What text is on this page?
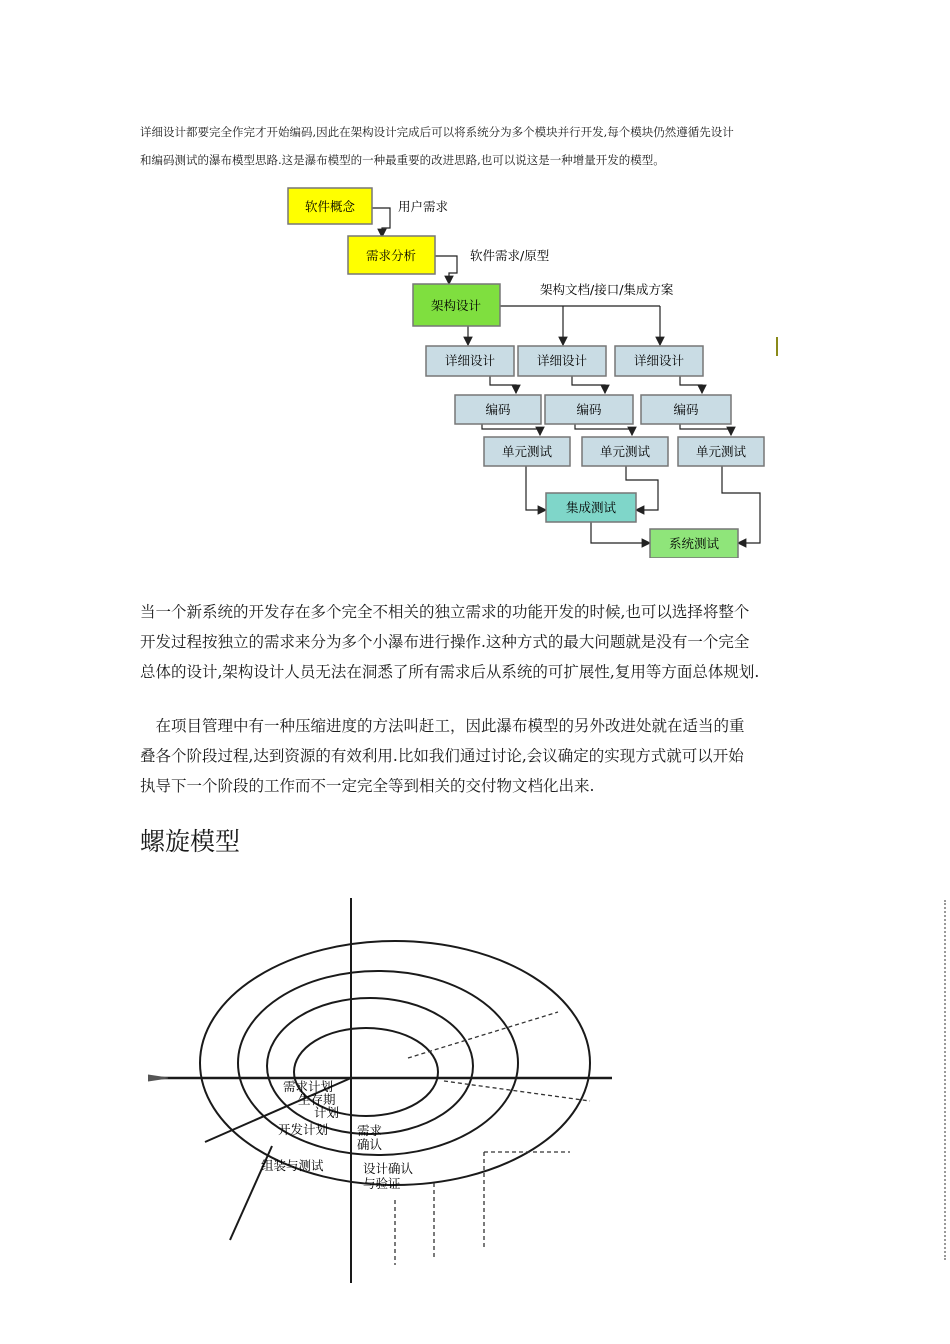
详细设计都要完全作完才开始编码,因此在架构设计完成后可以将系统分为多个模块并行开发,每个模块仍然遵循先设计

和编码测试的瀑布模型思路.这是瀑布模型的一种最重要的改进思路,也可以说这是一种增量开发的模型。

软件概念	用户需求
需求分析	软件需求/原型
架构设计
架构文档/接口/集成方案
详细设计	详细设计	详细设计
编码	编码	编码
单元测试	单元测试	单元测试
集成测试
系统测试

当一个新系统的开发存在多个完全不相关的独立需求的功能开发的时候,也可以选择将整个
开发过程按独立的需求来分为多个小瀑布进行操作.这种方式的最大问题就是没有一个完全
总体的设计,架构设计人员无法在洞悉了所有需求后从系统的可扩展性,复用等方面总体规划.

　在项目管理中有一种压缩进度的方法叫赶工，因此瀑布模型的另外改进处就在适当的重
叠各个阶段过程,达到资源的有效利用.比如我们通过讨论,会议确定的实现方式就可以开始
执导下一个阶段的工作而不一定完全等到相关的交付物文档化出来.

螺旋模型
需求计划
生存期
计划
开发计划 需求
确认
组装与测试	设计确认
与验证
